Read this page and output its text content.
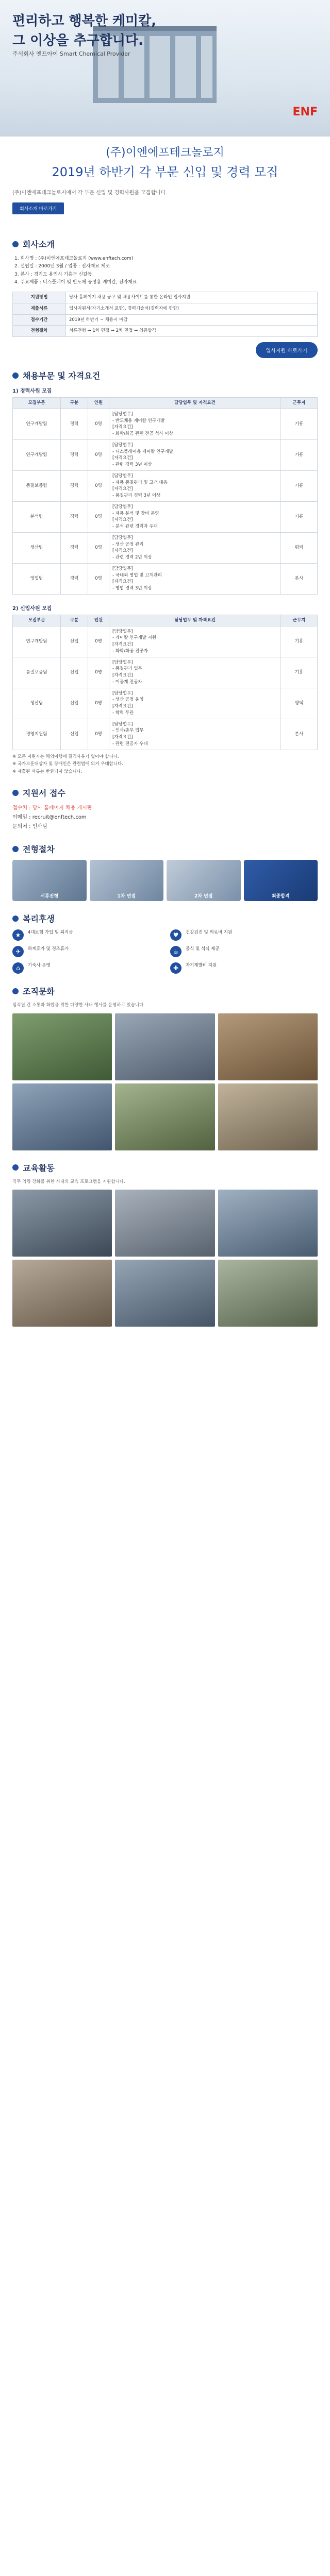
편리하고 행복한 케미칼,
그 이상을 추구합니다.
주식회사 엔프아이 Smart Chemical Provider
ENF
(주)이엔에프테크놀로지
2019년 하반기 각 부문 신입 및 경력 모집
(주)이엔에프테크놀로지에서 각 부문 신입 및 경력사원을 모집합니다.
회사소개 바로가기
회사소개
1. 회사명 : (주)이엔에프테크놀로지 (www.enftech.com)
2. 설립일 : 2000년 3월 / 업종 : 전자재료 제조
3. 본사 : 경기도 용인시 기흥구 신갈동
4. 주요제품 : 디스플레이 및 반도체 공정용 케미칼, 전자재료
지원방법	당사 홈페이지 채용 공고 및 채용사이트를 통한 온라인 입사지원
제출서류	입사지원서(자기소개서 포함), 경력기술서(경력자에 한함)
접수기간	2019년 하반기 ~ 채용시 마감
전형절차	서류전형 → 1차 면접 → 2차 면접 → 최종합격
입사지원 바로가기
채용부문 및 자격요건
1) 경력사원 모집
모집부문	구분	인원	담당업무 및 자격요건	근무지
연구개발팀	경력	0명	[담당업무]
- 반도체용 케미칼 연구개발
[자격요건]
- 화학/화공 관련 전공 석사 이상	기흥
연구개발팀	경력	0명	[담당업무]
- 디스플레이용 케미칼 연구개발
[자격요건]
- 관련 경력 3년 이상	기흥
품질보증팀	경력	0명	[담당업무]
- 제품 품질관리 및 고객 대응
[자격요건]
- 품질관리 경력 3년 이상	기흥
분석팀	경력	0명	[담당업무]
- 제품 분석 및 장비 운영
[자격요건]
- 분석 관련 경력자 우대	기흥
생산팀	경력	0명	[담당업무]
- 생산 공정 관리
[자격요건]
- 관련 경력 2년 이상	평택
영업팀	경력	0명	[담당업무]
- 국내외 영업 및 고객관리
[자격요건]
- 영업 경력 3년 이상	본사
2) 신입사원 모집
모집부문	구분	인원	담당업무 및 자격요건	근무지
연구개발팀	신입	0명	[담당업무]
- 케미칼 연구개발 지원
[자격요건]
- 화학/화공 전공자	기흥
품질보증팀	신입	0명	[담당업무]
- 품질관리 업무
[자격요건]
- 이공계 전공자	기흥
생산팀	신입	0명	[담당업무]
- 생산 공정 운영
[자격요건]
- 학력 무관	평택
경영지원팀	신입	0명	[담당업무]
- 인사/총무 업무
[자격요건]
- 관련 전공자 우대	본사
※ 모든 지원자는 해외여행에 결격사유가 없어야 합니다.
※ 국가보훈대상자 및 장애인은 관련법에 의거 우대합니다.
※ 제출된 서류는 반환되지 않습니다.
지원서 접수
접수처 : 당사 홈페이지 채용 게시판
이메일 : recruit@enftech.com
문의처 : 인사팀
전형절차
서류전형	1차 면접	2차 면접	최종합격
복리후생
★	4대보험 가입 및 퇴직금	♥	건강검진 및 의료비 지원
✈	하계휴가 및 경조휴가	☕	중식 및 석식 제공
⌂	기숙사 운영	✚	자기계발비 지원
조직문화
임직원 간 소통과 화합을 위한 다양한 사내 행사를 운영하고 있습니다.
교육활동
직무 역량 강화를 위한 사내외 교육 프로그램을 지원합니다.
